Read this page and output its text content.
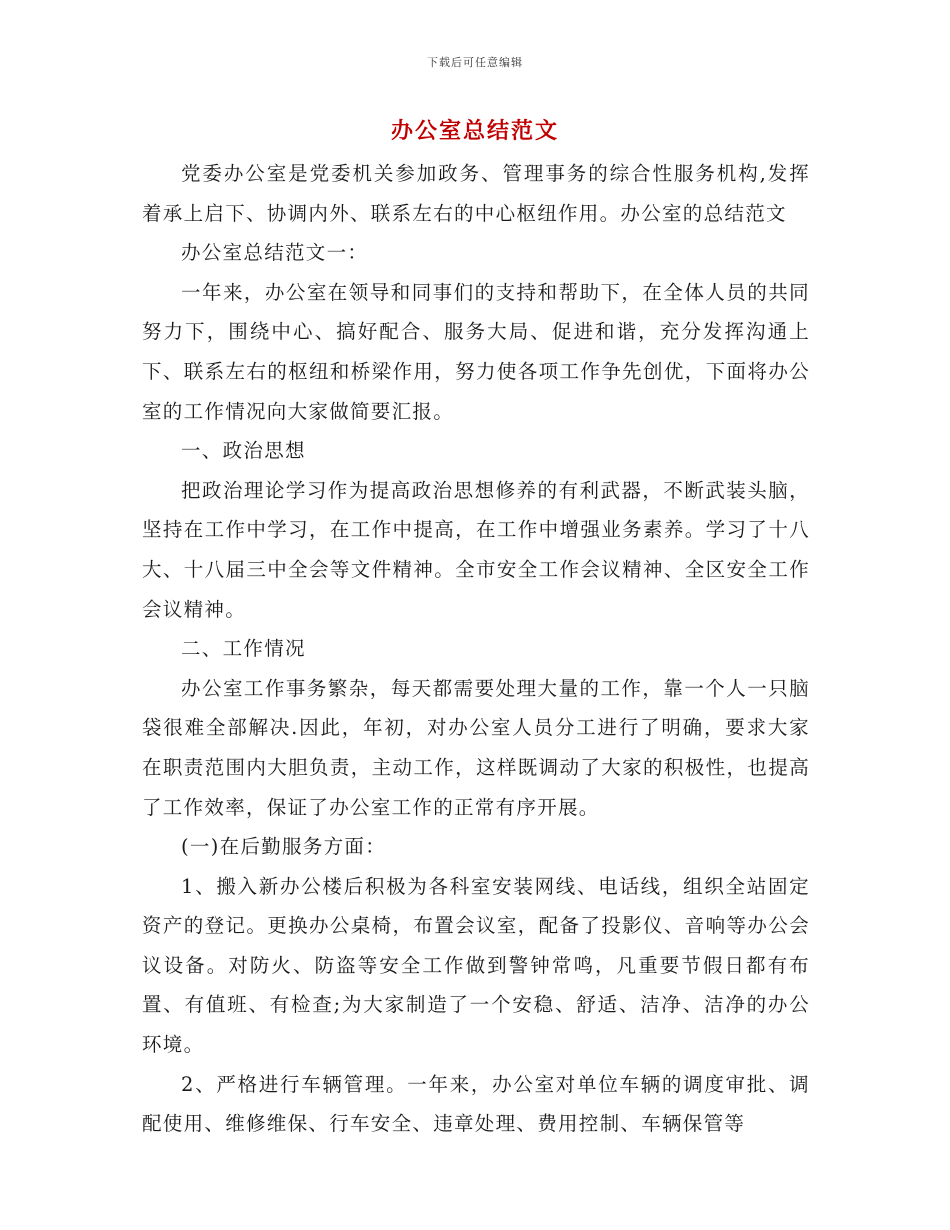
下载后可任意编辑
办公室总结范文

党委办公室是党委机关参加政务、管理事务的综合性服务机构,发挥着承上启下、协调内外、联系左右的中心枢纽作用。办公室的总结范文

办公室总结范文一：

一年来，办公室在领导和同事们的支持和帮助下，在全体人员的共同努力下，围绕中心、搞好配合、服务大局、促进和谐，充分发挥沟通上下、联系左右的枢纽和桥梁作用，努力使各项工作争先创优，下面将办公室的工作情况向大家做简要汇报。

一、政治思想

把政治理论学习作为提高政治思想修养的有利武器，不断武装头脑，坚持在工作中学习，在工作中提高，在工作中增强业务素养。学习了十八大、十八届三中全会等文件精神。全市安全工作会议精神、全区安全工作会议精神。

二、工作情况

办公室工作事务繁杂，每天都需要处理大量的工作，靠一个人一只脑袋很难全部解决.因此，年初，对办公室人员分工进行了明确，要求大家在职责范围内大胆负责，主动工作，这样既调动了大家的积极性，也提高了工作效率，保证了办公室工作的正常有序开展。

(一)在后勤服务方面：

1、搬入新办公楼后积极为各科室安装网线、电话线，组织全站固定资产的登记。更换办公桌椅，布置会议室，配备了投影仪、音响等办公会议设备。对防火、防盗等安全工作做到警钟常鸣，凡重要节假日都有布置、有值班、有检查;为大家制造了一个安稳、舒适、洁净、洁净的办公环境。

2、严格进行车辆管理。一年来，办公室对单位车辆的调度审批、调配使用、维修维保、行车安全、违章处理、费用控制、车辆保管等
